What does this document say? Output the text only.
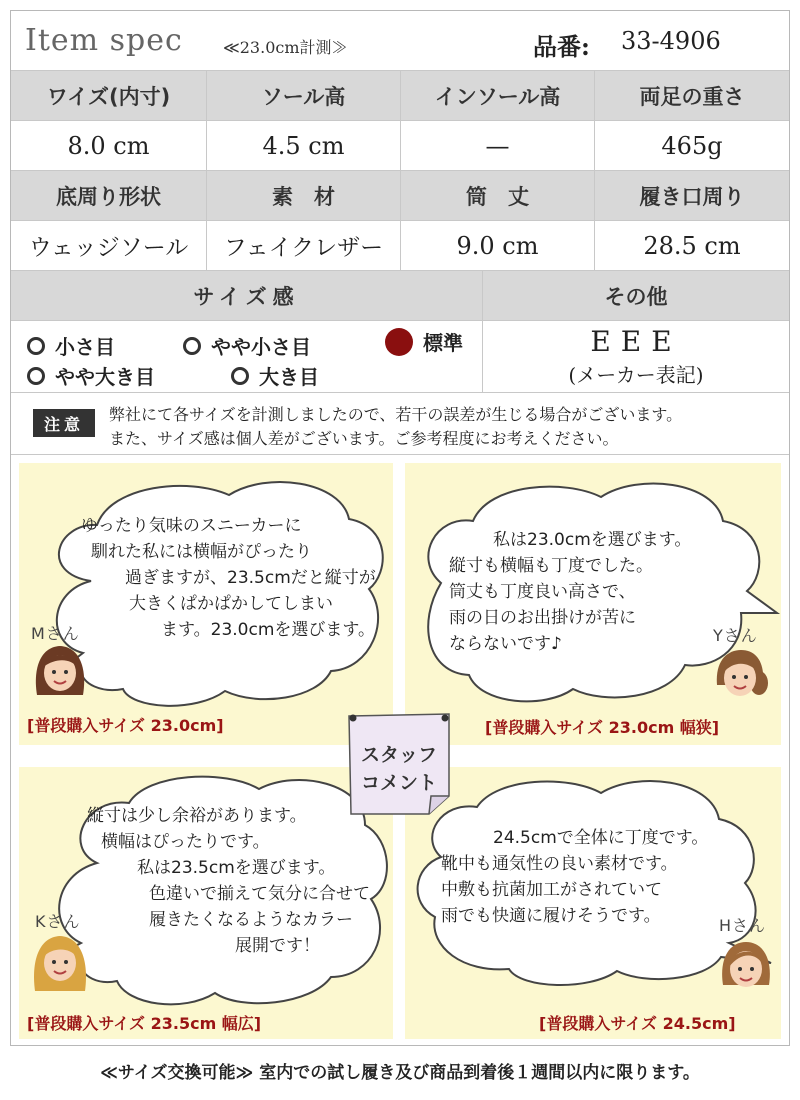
Item spec	≪23.0cm計測≫	品番: 33-4906
ワイズ(内寸)	ソール高	インソール高	両足の重さ
8.0 cm	4.5 cm	—	465g
底周り形状	素　材	筒　丈	履き口周り
ウェッジソール	フェイクレザー	9.0 cm	28.5 cm
サイズ感	その他
小さ目	やや小さ目	標準
やや大き目	大き目
EEE
(メーカー表記)
注意	弊社にて各サイズを計測しましたので、若干の誤差が生じる場合がございます。
また、サイズ感は個人差がございます。ご参考程度にお考えください。
ゆったり気味のスニーカーに
馴れた私には横幅がぴったり
過ぎますが、23.5cmだと縦寸が
大きくぱかぱかしてしまい
ます。23.0cmを選びます。
Mさん
[普段購入サイズ 23.0cm]
私は23.0cmを選びます。
縦寸も横幅も丁度でした。
筒丈も丁度良い高さで、
雨の日のお出掛けが苦に
ならないです♪	Yさん
[普段購入サイズ 23.0cm 幅狭]
縦寸は少し余裕があります。
横幅はぴったりです。
私は23.5cmを選びます。
色違いで揃えて気分に合せて
履きたくなるようなカラー
展開です！
Kさん
[普段購入サイズ 23.5cm 幅広]
24.5cmで全体に丁度です。
靴中も通気性の良い素材です。
中敷も抗菌加工がされていて
雨でも快適に履けそうです。	Hさん
[普段購入サイズ 24.5cm]
スタッフ
コメント
≪サイズ交換可能≫ 室内での試し履き及び商品到着後１週間以内に限ります。
